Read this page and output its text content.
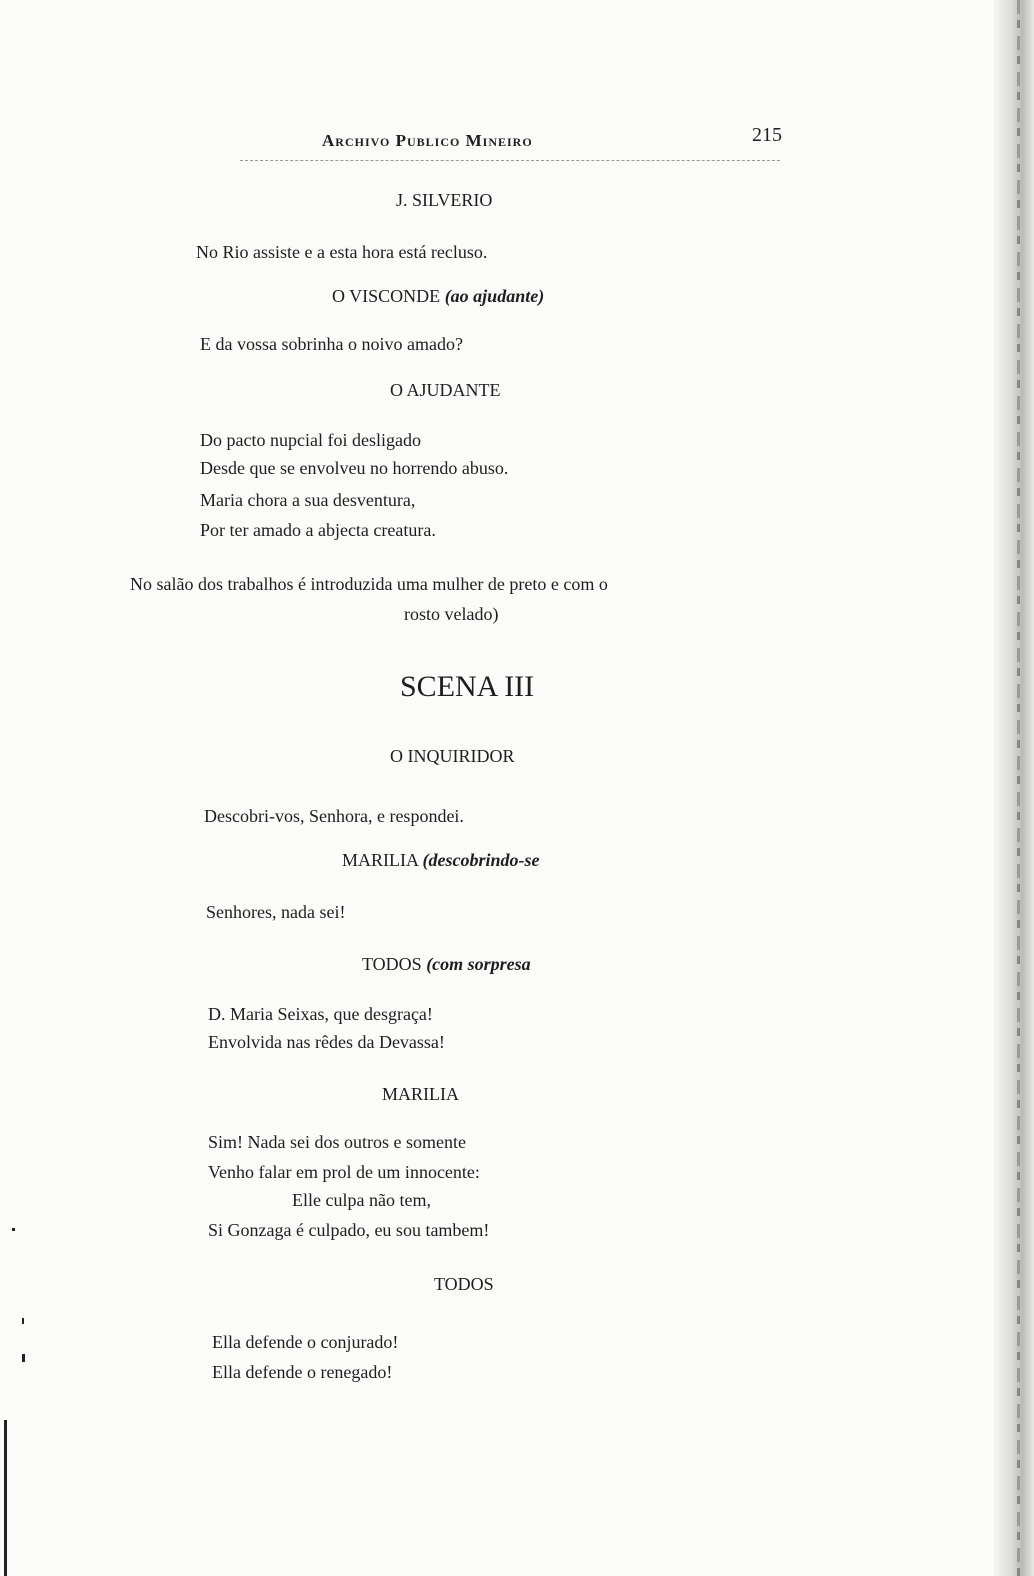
Archivo Publico Mineiro	215
J. SILVERIO
No Rio assiste e a esta hora está recluso.
O VISCONDE (ao ajudante)
E da vossa sobrinha o noivo amado?
O AJUDANTE
Do pacto nupcial foi desligado
Desde que se envolveu no horrendo abuso.
Maria chora a sua desventura,
Por ter amado a abjecta creatura.
No salão dos trabalhos é introduzida uma mulher de preto e com o
rosto velado)
SCENA III
O INQUIRIDOR
Descobri-vos, Senhora, e respondei.
MARILIA (descobrindo-se
Senhores, nada sei!
TODOS (com sorpresa
D. Maria Seixas, que desgraça!
Envolvida nas rêdes da Devassa!
MARILIA
Sim! Nada sei dos outros e somente
Venho falar em prol de um innocente:
Elle culpa não tem,
Si Gonzaga é culpado, eu sou tambem!
TODOS
Ella defende o conjurado!
Ella defende o renegado!
